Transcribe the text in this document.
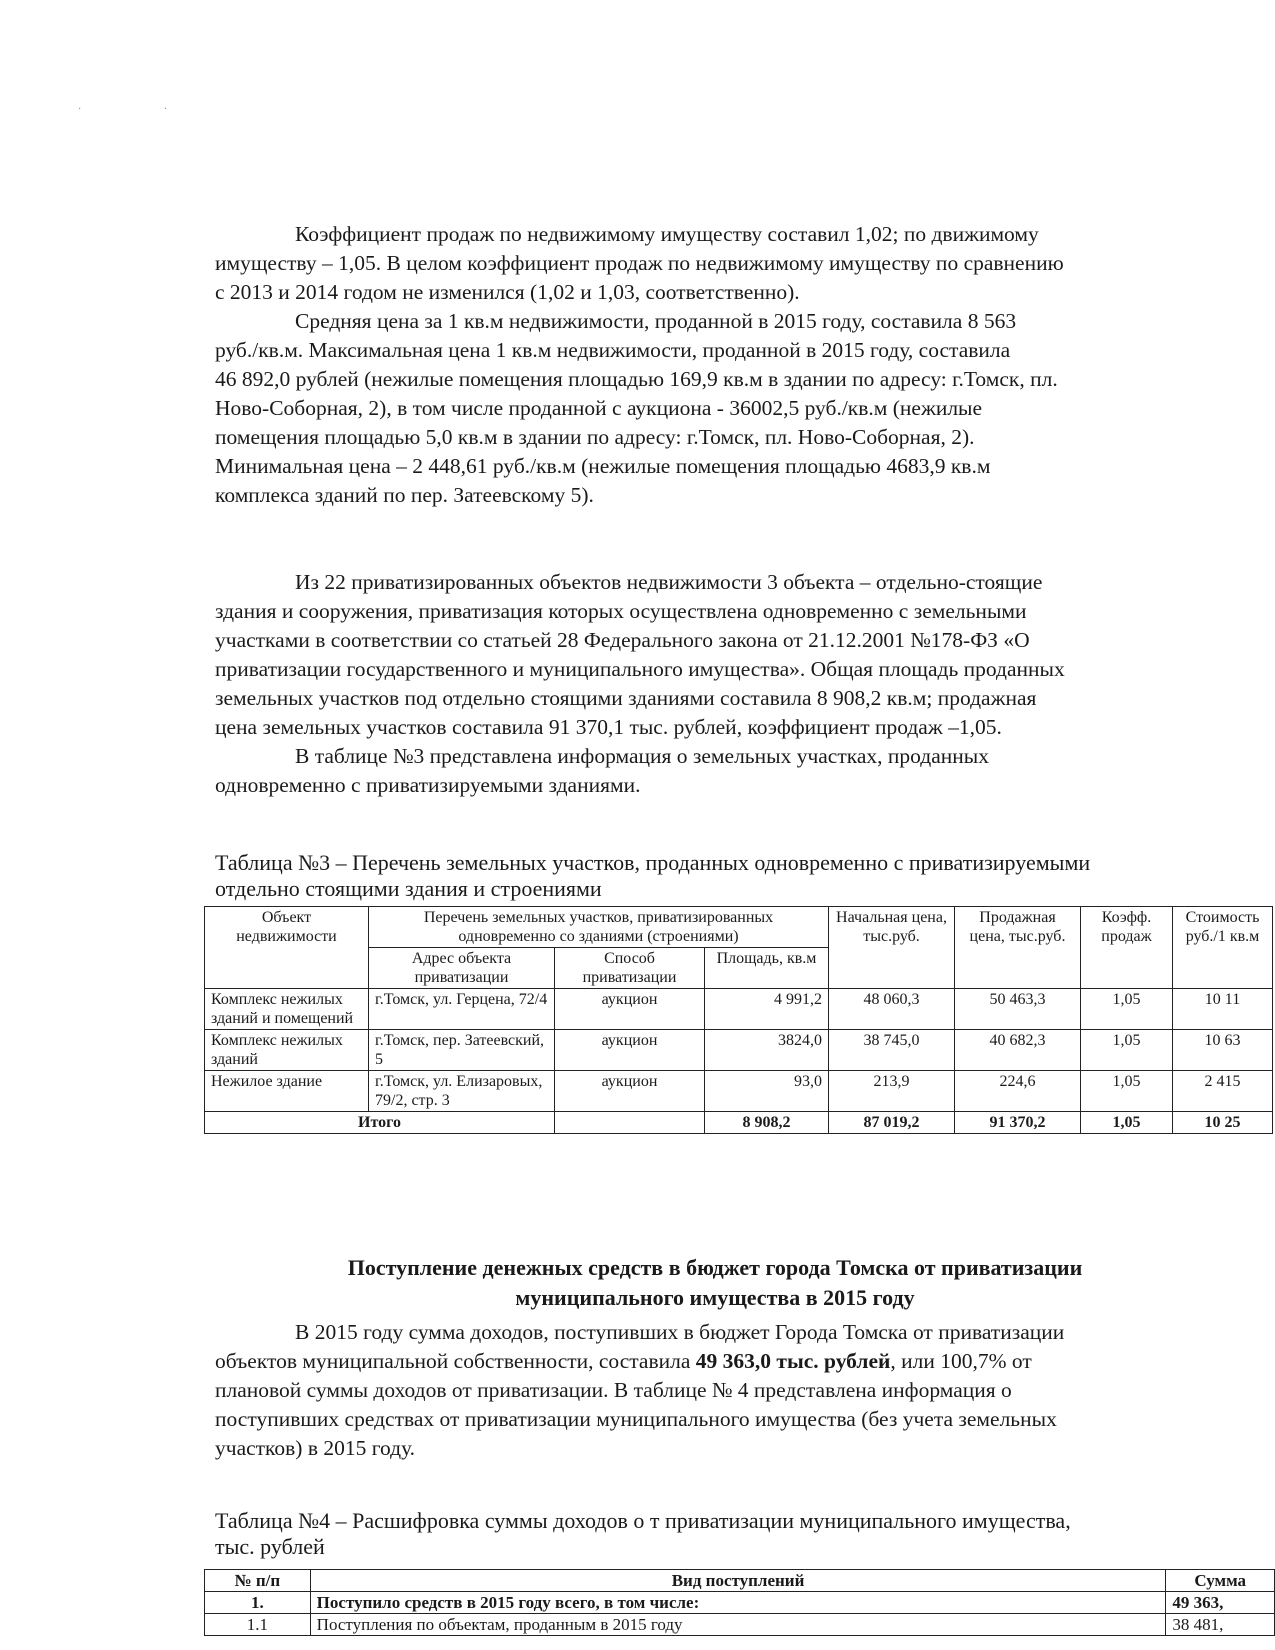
· ·
Коэффициент продаж по недвижимому имуществу составил 1,02; по движимому
имуществу – 1,05. В целом коэффициент продаж по недвижимому имуществу по сравнению
с 2013 и 2014 годом не изменился (1,02 и 1,03, соответственно).
Средняя цена за 1 кв.м недвижимости, проданной в 2015 году, составила 8 563
руб./кв.м. Максимальная цена 1 кв.м недвижимости, проданной в 2015 году, составила
46 892,0 рублей (нежилые помещения площадью 169,9 кв.м в здании по адресу: г.Томск, пл.
Ново-Соборная, 2), в том числе проданной с аукциона - 36002,5 руб./кв.м (нежилые
помещения площадью 5,0 кв.м в здании по адресу: г.Томск, пл. Ново-Соборная, 2).
Минимальная цена – 2 448,61 руб./кв.м (нежилые помещения площадью 4683,9 кв.м
комплекса зданий по пер. Затеевскому 5).
Из 22 приватизированных объектов недвижимости 3 объекта – отдельно-стоящие
здания и сооружения, приватизация которых осуществлена одновременно с земельными
участками в соответствии со статьей 28 Федерального закона от 21.12.2001 №178-ФЗ «О
приватизации государственного и муниципального имущества». Общая площадь проданных
земельных участков под отдельно стоящими зданиями составила 8 908,2 кв.м; продажная
цена земельных участков составила 91 370,1 тыс. рублей, коэффициент продаж –1,05.
В таблице №3 представлена информация о земельных участках, проданных
одновременно с приватизируемыми зданиями.
Таблица №3 – Перечень земельных участков, проданных одновременно с приватизируемыми
отдельно стоящими здания и строениями
Объект недвижимости	Перечень земельных участков, приватизированных одновременно со зданиями (строениями)			Начальная цена, тыс.руб.	Продажная цена, тыс.руб.	Коэфф. продаж	Стоимость руб./1 кв.м
	Адрес объекта приватизации	Способ приватизации	Площадь, кв.м				
Комплекс нежилых зданий и помещений	г.Томск, ул. Герцена, 72/4	аукцион	4 991,2	48 060,3	50 463,3	1,05	10 11
Комплекс нежилых зданий	г.Томск, пер. Затеевский, 5	аукцион	3824,0	38 745,0	40 682,3	1,05	10 63
Нежилое здание	г.Томск, ул. Елизаровых, 79/2, стр. 3	аукцион	93,0	213,9	224,6	1,05	2 415
Итого			8 908,2	87 019,2	91 370,2	1,05	10 25
Поступление денежных средств в бюджет города Томска от приватизации
муниципального имущества в 2015 году
В 2015 году сумма доходов, поступивших в бюджет Города Томска от приватизации
объектов муниципальной собственности, составила 49 363,0 тыс. рублей, или 100,7% от
плановой суммы доходов от приватизации. В таблице № 4 представлена информация о
поступивших средствах от приватизации муниципального имущества (без учета земельных
участков) в 2015 году.
Таблица №4 – Расшифровка суммы доходов о т приватизации муниципального имущества,
тыс. рублей
№ п/п	Вид поступлений	Сумма
1.	Поступило средств в 2015 году всего, в том числе:	49 363,
1.1	Поступления по объектам, проданным в 2015 году	38 481,
